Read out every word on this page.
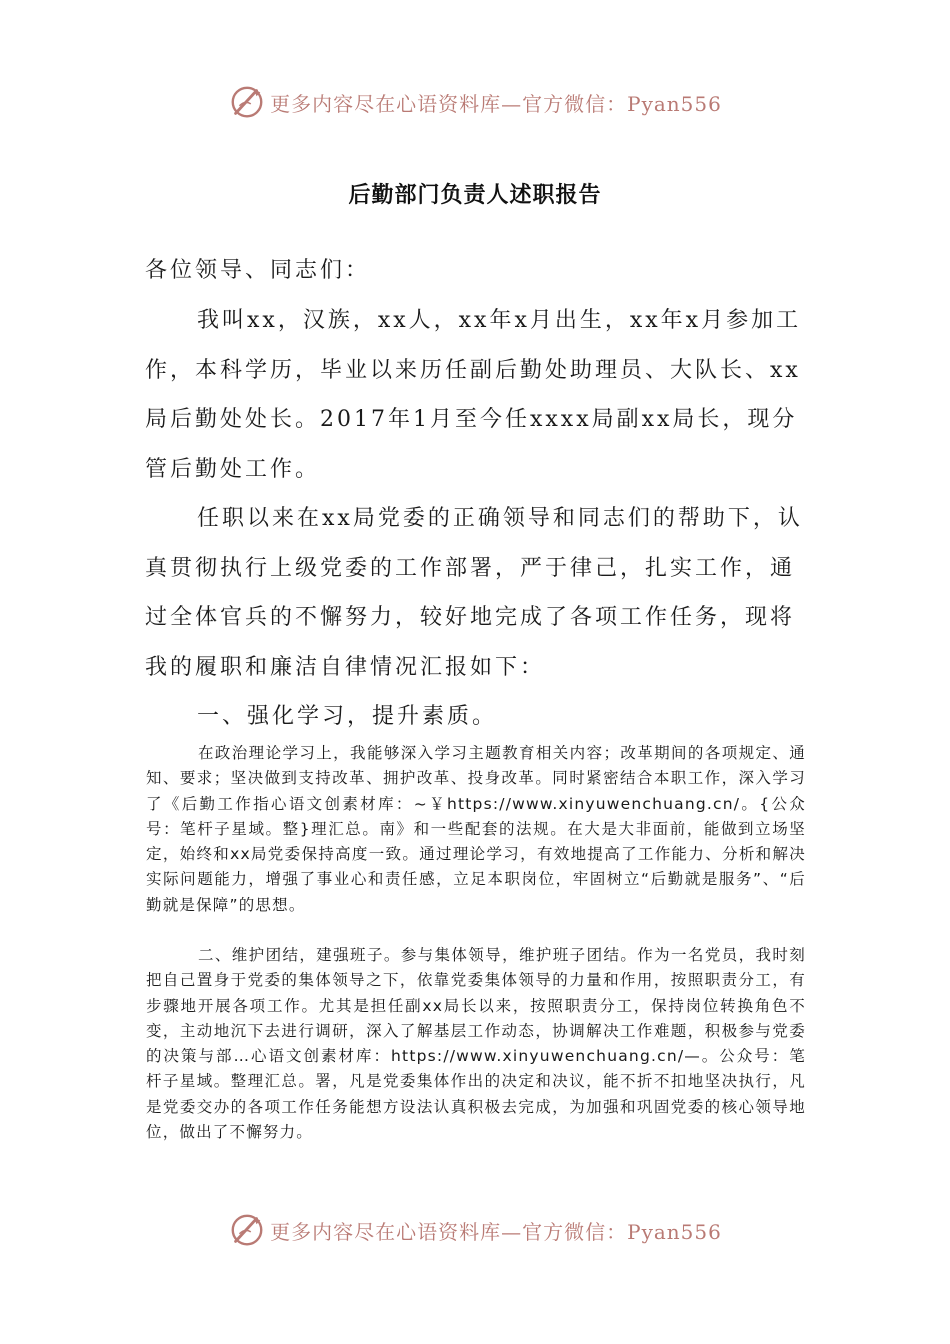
更多内容尽在心语资料库—官方微信：Pyan556
后勤部门负责人述职报告

各位领导、同志们：

我叫xx，汉族，xx人，xx年x月出生，xx年x月参加工作，本科学历，毕业以来历任副后勤处助理员、大队长、xx局后勤处处长。2017年1月至今任xxxx局副xx局长，现分管后勤处工作。

任职以来在xx局党委的正确领导和同志们的帮助下，认真贯彻执行上级党委的工作部署，严于律己，扎实工作，通过全体官兵的不懈努力，较好地完成了各项工作任务，现将我的履职和廉洁自律情况汇报如下：

一、强化学习，提升素质。

在政治理论学习上，我能够深入学习主题教育相关内容；改革期间的各项规定、通知、要求；坚决做到支持改革、拥护改革、投身改革。同时紧密结合本职工作，深入学习了《后勤工作指心语文创素材库：~￥https://www.xinyuwenchuang.cn/。{公众号：笔杆子星域。整}理汇总。南》和一些配套的法规。在大是大非面前，能做到立场坚定，始终和xx局党委保持高度一致。通过理论学习，有效地提高了工作能力、分析和解决实际问题能力，增强了事业心和责任感，立足本职岗位，牢固树立“后勤就是服务”、“后勤就是保障”的思想。

二、维护团结，建强班子。参与集体领导，维护班子团结。作为一名党员，我时刻把自己置身于党委的集体领导之下，依靠党委集体领导的力量和作用，按照职责分工，有步骤地开展各项工作。尤其是担任副xx局长以来，按照职责分工，保持岗位转换角色不变，主动地沉下去进行调研，深入了解基层工作动态，协调解决工作难题，积极参与党委的决策与部…心语文创素材库：https://www.xinyuwenchuang.cn/—。公众号：笔杆子星域。整理汇总。署，凡是党委集体作出的决定和决议，能不折不扣地坚决执行，凡是党委交办的各项工作任务能想方设法认真积极去完成，为加强和巩固党委的核心领导地位，做出了不懈努力。

更多内容尽在心语资料库—官方微信：Pyan556
